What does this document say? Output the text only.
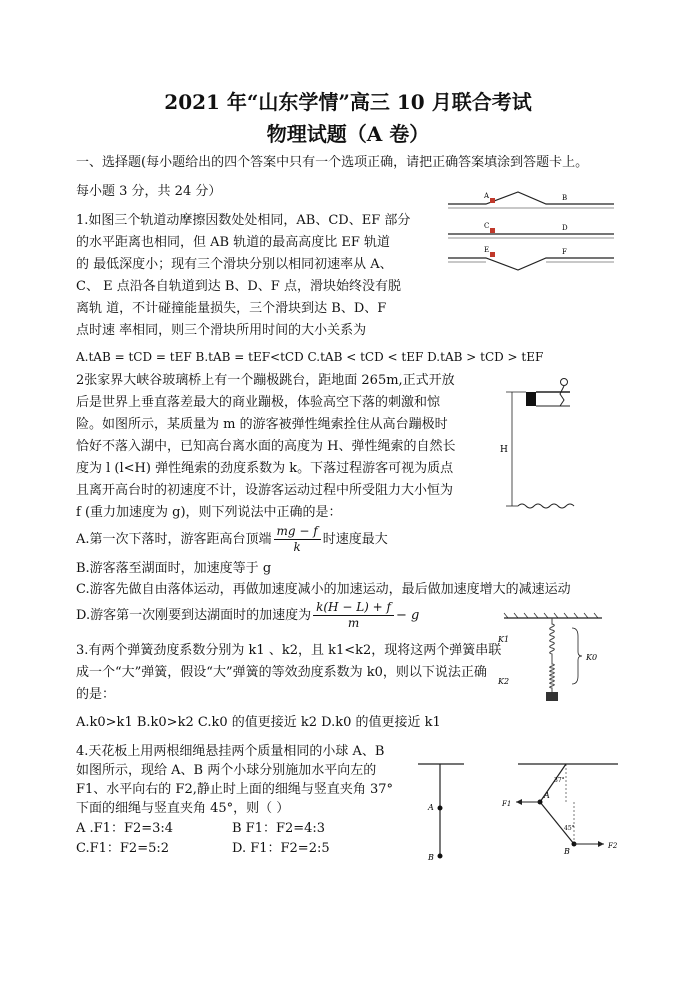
2021 年“山东学情”高三 10 月联合考试
物理试题（A 卷）
一、选择题(每小题给出的四个答案中只有一个选项正确，请把正确答案填涂到答题卡上。
每小题 3 分，共 24 分）
1.如图三个轨道动摩擦因数处处相同，AB、CD、EF 部分
的水平距离也相同，但 AB 轨道的最高高度比 EF 轨道
的 最低深度小；现有三个滑块分别以相同初速率从 A、
C、 E 点沿各自轨道到达 B、D、F 点，滑块始终没有脱
离轨 道，不计碰撞能量损失，三个滑块到达 B、D、F
点时速 率相同，则三个滑块所用时间的大小关系为
A.tAB = tCD = tEF B.tAB = tEF<tCD C.tAB < tCD < tEF D.tAB > tCD > tEF
A	B
C	D
E	F
2张家界大峡谷玻璃桥上有一个蹦极跳台，距地面 265m,正式开放
后是世界上垂直落差最大的商业蹦极，体验高空下落的刺激和惊
险。如图所示，某质量为 m 的游客被弹性绳索拴住从高台蹦极时
恰好不落入湖中，已知高台离水面的高度为 H、弹性绳索的自然长
度为 l (l<H) 弹性绳索的劲度系数为 k。下落过程游客可视为质点
且离开高台时的初速度不计，设游客运动过程中所受阻力大小恒为
f (重力加速度为 g)，则下列说法中正确的是：
A.第一次下落时，游客距高台顶端 $\frac{mg - f}{k}$ 时速度最大
B.游客落至湖面时，加速度等于 g
C.游客先做自由落体运动，再做加速度减小的加速运动，最后做加速度增大的减速运动
D.游客第一次刚要到达湖面时的加速度为 $\frac{k(H - L) + f}{m} - g$
H
3.有两个弹簧劲度系数分别为 k1 、k2，且 k1<k2，现将这两个弹簧串联
成一个“大”弹簧，假设“大”弹簧的等效劲度系数为 k0，则以下说法正确
的是：
A.k0>k1 B.k0>k2 C.k0 的值更接近 k2 D.k0 的值更接近 k1
K1
K2
K0
4.天花板上用两根细绳悬挂两个质量相同的小球 A、B
如图所示，现给 A、B 两个小球分别施加水平向左的
F1、水平向右的 F2,静止时上面的细绳与竖直夹角 37°
下面的细绳与竖直夹角 45°，则（ ）
A .F1：F2=3:4	B F1：F2=4:3
C.F1：F2=5:2	D. F1：F2=2:5
A
B
A
B
F1
F2
37°
45°
